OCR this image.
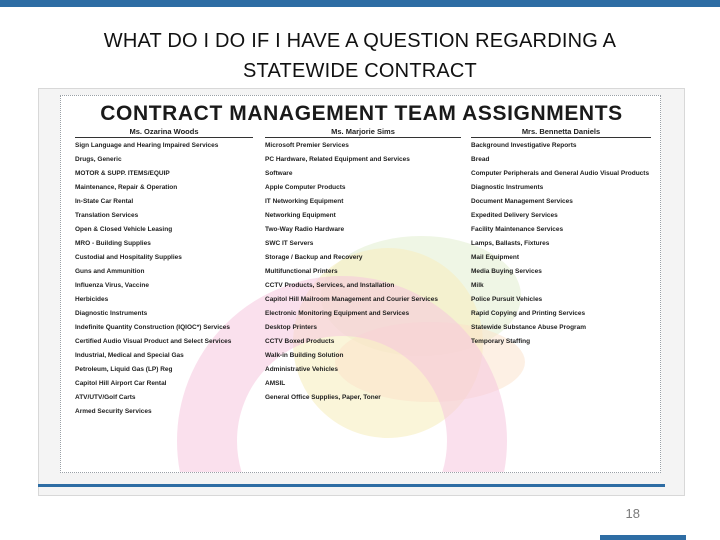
WHAT DO I DO IF I HAVE A QUESTION REGARDING A
STATEWIDE CONTRACT
CONTRACT MANAGEMENT TEAM ASSIGNMENTS
Ms. Ozarina Woods
Sign Language and Hearing Impaired Services
Drugs, Generic
MOTOR & SUPP. ITEMS/EQUIP
Maintenance, Repair & Operation
In-State Car Rental
Translation Services
Open & Closed Vehicle Leasing
MRO - Building Supplies
Custodial and Hospitality Supplies
Guns and Ammunition
Influenza Virus, Vaccine
Herbicides
Diagnostic Instruments
Indefinite Quantity Construction (IQIOC*) Services
Certified Audio Visual Product and Select Services
Industrial, Medical and Special Gas
Petroleum, Liquid Gas (LP) Reg
Capitol Hill Airport Car Rental
ATV/UTV/Golf Carts
Armed Security Services
Ms. Marjorie Sims
Microsoft Premier Services
PC Hardware, Related Equipment and Services
Software
Apple Computer Products
IT Networking Equipment
Networking Equipment
Two-Way Radio Hardware
SWC IT Servers
Storage / Backup and Recovery
Multifunctional Printers
CCTV Products, Services, and Installation
Capitol Hill Mailroom Management and Courier Services
Electronic Monitoring Equipment and Services
Desktop Printers
CCTV Boxed Products
Walk-in Building Solution
Administrative Vehicles
AMSIL
General Office Supplies, Paper, Toner
Mrs. Bennetta Daniels
Background Investigative Reports
Bread
Computer Peripherals and General Audio Visual Products
Diagnostic Instruments
Document Management Services
Expedited Delivery Services
Facility Maintenance Services
Lamps, Ballasts, Fixtures
Mail Equipment
Media Buying Services
Milk
Police Pursuit Vehicles
Rapid Copying and Printing Services
Statewide Substance Abuse Program
Temporary Staffing
18
